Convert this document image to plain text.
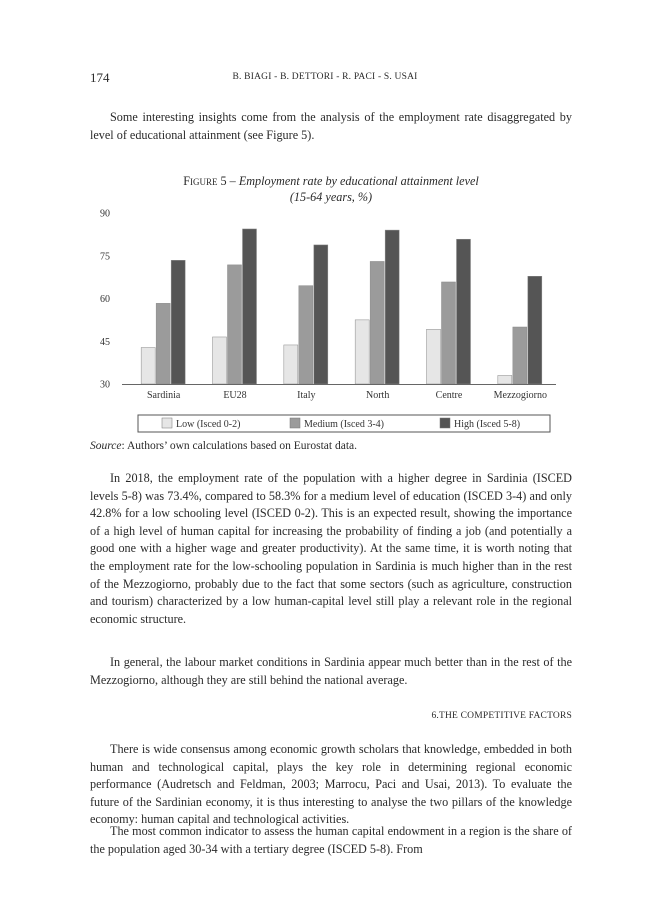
174	B. BIAGI - B. DETTORI - R. PACI - S. USAI

Some interesting insights come from the analysis of the employment rate disaggregated by level of educational attainment (see Figure 5).

Figure 5 – Employment rate by educational attainment level
(15-64 years, %)
30
45
60
75
90
Sardinia	EU28	Italy	North	Centre	Mezzogiorno
Low (Isced 0-2)	Medium (Isced 3-4)	High (Isced 5-8)
Source: Authors’ own calculations based on Eurostat data.

In 2018, the employment rate of the population with a higher degree in Sardinia (ISCED levels 5-8) was 73.4%, compared to 58.3% for a medium level of education (ISCED 3-4) and only 42.8% for a low schooling level (ISCED 0-2). This is an expected result, showing the importance of a high level of human capital for increasing the probability of finding a job (and potentially a good one with a higher wage and greater productivity). At the same time, it is worth noting that the employment rate for the low-schooling population in Sardinia is much higher than in the rest of the Mezzogiorno, probably due to the fact that some sectors (such as agriculture, construction and tourism) characterized by a low human-capital level still play a relevant role in the regional economic structure.

In general, the labour market conditions in Sardinia appear much better than in the rest of the Mezzogiorno, although they are still behind the national average.

6.THE COMPETITIVE FACTORS

There is wide consensus among economic growth scholars that knowledge, embedded in both human and technological capital, plays the key role in determining regional economic performance (Audretsch and Feldman, 2003; Marrocu, Paci and Usai, 2013). To evaluate the future of the Sardinian economy, it is thus interesting to analyse the two pillars of the knowledge economy: human capital and technological activities.

The most common indicator to assess the human capital endowment in a region is the share of the population aged 30-34 with a tertiary degree (ISCED 5-8). From
